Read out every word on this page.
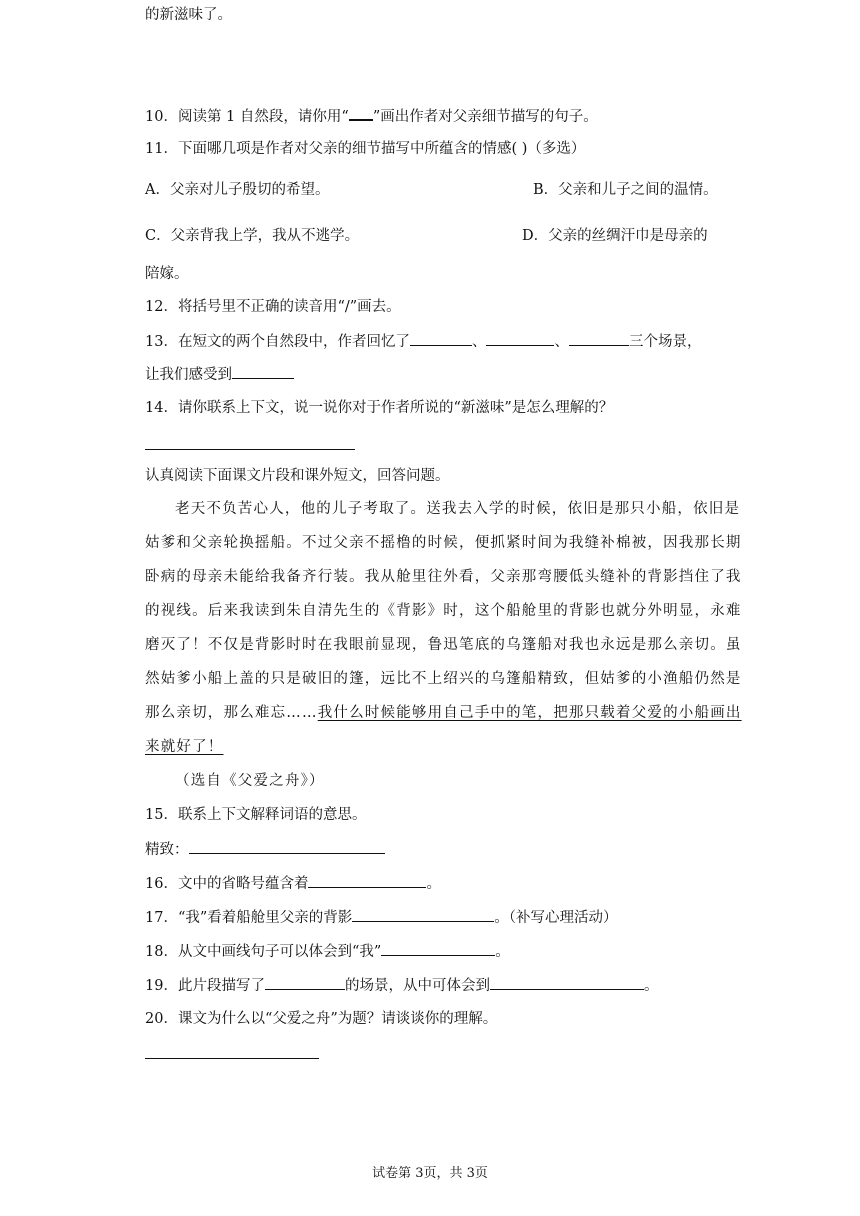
的新滋味了。
10．阅读第 1 自然段，请你用“ ”画出作者对父亲细节描写的句子。
11．下面哪几项是作者对父亲的细节描写中所蕴含的情感( )（多选）
A．父亲对儿子殷切的希望。	B．父亲和儿子之间的温情。
C．父亲背我上学，我从不逃学。	D．父亲的丝绸汗巾是母亲的
陪嫁。
12．将括号里不正确的读音用“/”画去。
13．在短文的两个自然段中，作者回忆了	、	、	三个场景，
让我们感受到
14．请你联系上下文，说一说你对于作者所说的“新滋味”是怎么理解的？
认真阅读下面课文片段和课外短文，回答问题。
老天不负苦心人，他的儿子考取了。送我去入学的时候，依旧是那只小船，依旧是
姑爹和父亲轮换摇船。不过父亲不摇橹的时候，便抓紧时间为我缝补棉被，因我那长期
卧病的母亲未能给我备齐行装。我从舱里往外看，父亲那弯腰低头缝补的背影挡住了我
的视线。后来我读到朱自清先生的《背影》时，这个船舱里的背影也就分外明显，永难
磨灭了！不仅是背影时时在我眼前显现，鲁迅笔底的乌篷船对我也永远是那么亲切。虽
然姑爹小船上盖的只是破旧的篷，远比不上绍兴的乌篷船精致，但姑爹的小渔船仍然是
那么亲切，那么难忘……我什么时候能够用自己手中的笔，把那只载着父爱的小船画出
来就好了！
（选自《父爱之舟》）
15．联系上下文解释词语的意思。
精致：
16．文中的省略号蕴含着	。
17．“我”看着船舱里父亲的背影	。（补写心理活动）
18．从文中画线句子可以体会到“我”	。
19．此片段描写了	的场景，从中可体会到	。
20．课文为什么以“父爱之舟”为题？请谈谈你的理解。
试卷第 3页，共 3页
